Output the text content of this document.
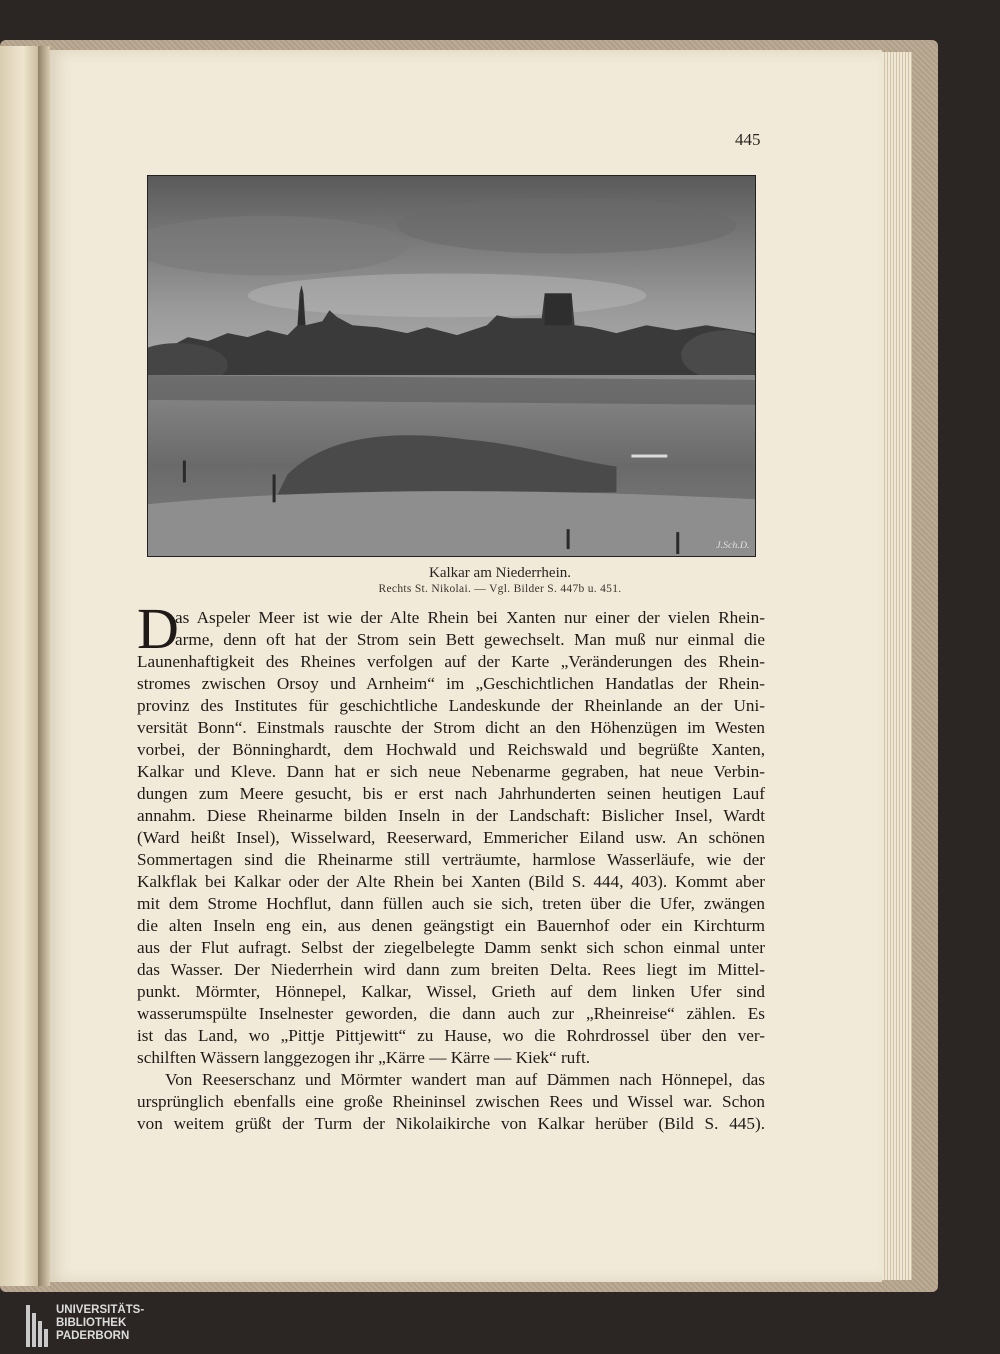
445
J.Sch.D.
Kalkar am Niederrhein.
Rechts St. Nikolai. — Vgl. Bilder S. 447b u. 451.
D
as Aspeler Meer ist wie der Alte Rhein bei Xanten nur einer der vielen Rhein-
arme, denn oft hat der Strom sein Bett gewechselt. Man muß nur einmal die
Launenhaftigkeit des Rheines verfolgen auf der Karte „Veränderungen des Rhein-
stromes zwischen Orsoy und Arnheim“ im „Geschichtlichen Handatlas der Rhein-
provinz des Institutes für geschichtliche Landeskunde der Rheinlande an der Uni-
versität Bonn“. Einstmals rauschte der Strom dicht an den Höhenzügen im Westen
vorbei, der Bönninghardt, dem Hochwald und Reichswald und begrüßte Xanten,
Kalkar und Kleve. Dann hat er sich neue Nebenarme gegraben, hat neue Verbin-
dungen zum Meere gesucht, bis er erst nach Jahrhunderten seinen heutigen Lauf
annahm. Diese Rheinarme bilden Inseln in der Landschaft: Bislicher Insel, Wardt
(Ward heißt Insel), Wisselward, Reeserward, Emmericher Eiland usw. An schönen
Sommertagen sind die Rheinarme still verträumte, harmlose Wasserläufe, wie der
Kalkflak bei Kalkar oder der Alte Rhein bei Xanten (Bild S. 444, 403). Kommt aber
mit dem Strome Hochflut, dann füllen auch sie sich, treten über die Ufer, zwängen
die alten Inseln eng ein, aus denen geängstigt ein Bauernhof oder ein Kirchturm
aus der Flut aufragt. Selbst der ziegelbelegte Damm senkt sich schon einmal unter
das Wasser. Der Niederrhein wird dann zum breiten Delta. Rees liegt im Mittel-
punkt. Mörmter, Hönnepel, Kalkar, Wissel, Grieth auf dem linken Ufer sind
wasserumspülte Inselnester geworden, die dann auch zur „Rheinreise“ zählen. Es
ist das Land, wo „Pittje Pittjewitt“ zu Hause, wo die Rohrdrossel über den ver-
schilften Wässern langgezogen ihr „Kärre — Kärre — Kiek“ ruft.
Von Reeserschanz und Mörmter wandert man auf Dämmen nach Hönnepel, das
ursprünglich ebenfalls eine große Rheininsel zwischen Rees und Wissel war. Schon
von weitem grüßt der Turm der Nikolaikirche von Kalkar herüber (Bild S. 445).
UNIVERSITÄTS-
BIBLIOTHEK
PADERBORN
